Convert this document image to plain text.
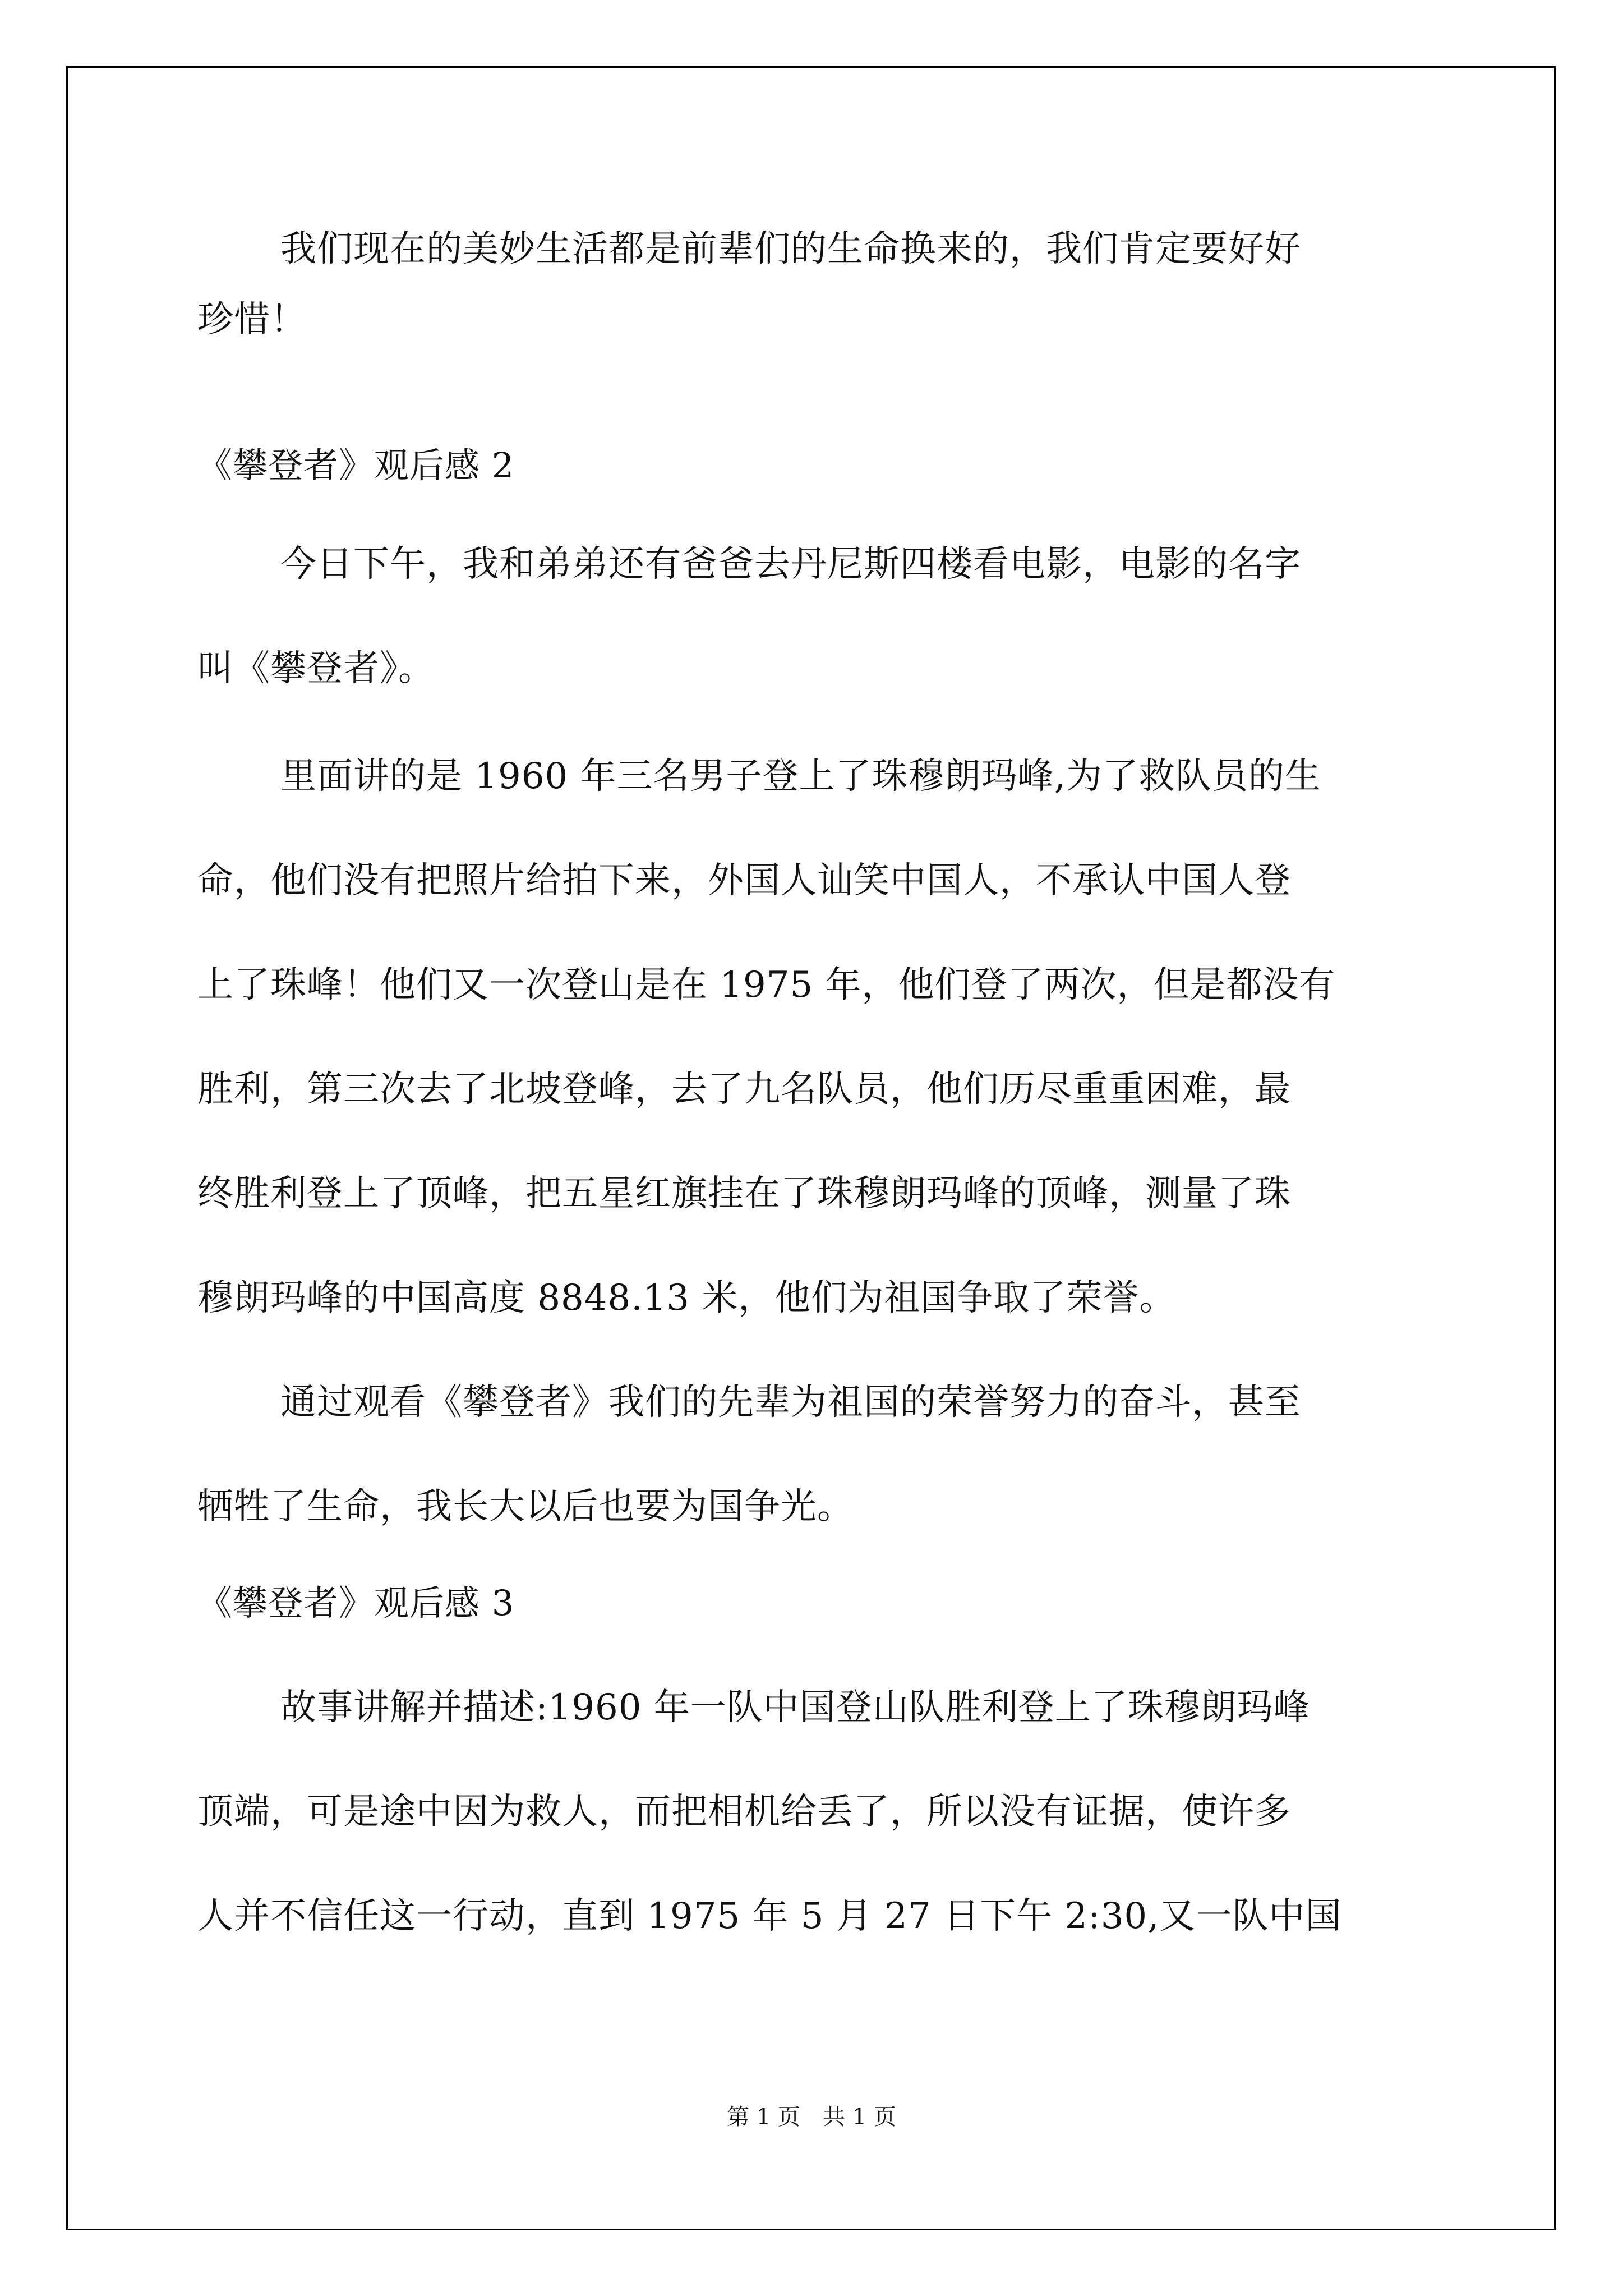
我们现在的美妙生活都是前辈们的生命换来的，我们肯定要好好
珍惜！
《攀登者》观后感 2
今日下午，我和弟弟还有爸爸去丹尼斯四楼看电影，电影的名字
叫《攀登者》。
里面讲的是 1960 年三名男子登上了珠穆朗玛峰,为了救队员的生
命，他们没有把照片给拍下来，外国人讪笑中国人，不承认中国人登
上了珠峰！他们又一次登山是在 1975 年，他们登了两次，但是都没有
胜利，第三次去了北坡登峰，去了九名队员，他们历尽重重困难，最
终胜利登上了顶峰，把五星红旗挂在了珠穆朗玛峰的顶峰，测量了珠
穆朗玛峰的中国高度 8848.13 米，他们为祖国争取了荣誉。
通过观看《攀登者》我们的先辈为祖国的荣誉努力的奋斗，甚至
牺牲了生命，我长大以后也要为国争光。
《攀登者》观后感 3
故事讲解并描述:1960 年一队中国登山队胜利登上了珠穆朗玛峰
顶端，可是途中因为救人，而把相机给丢了，所以没有证据，使许多
人并不信任这一行动，直到 1975 年 5 月 27 日下午 2:30,又一队中国
第 1 页　共 1 页
